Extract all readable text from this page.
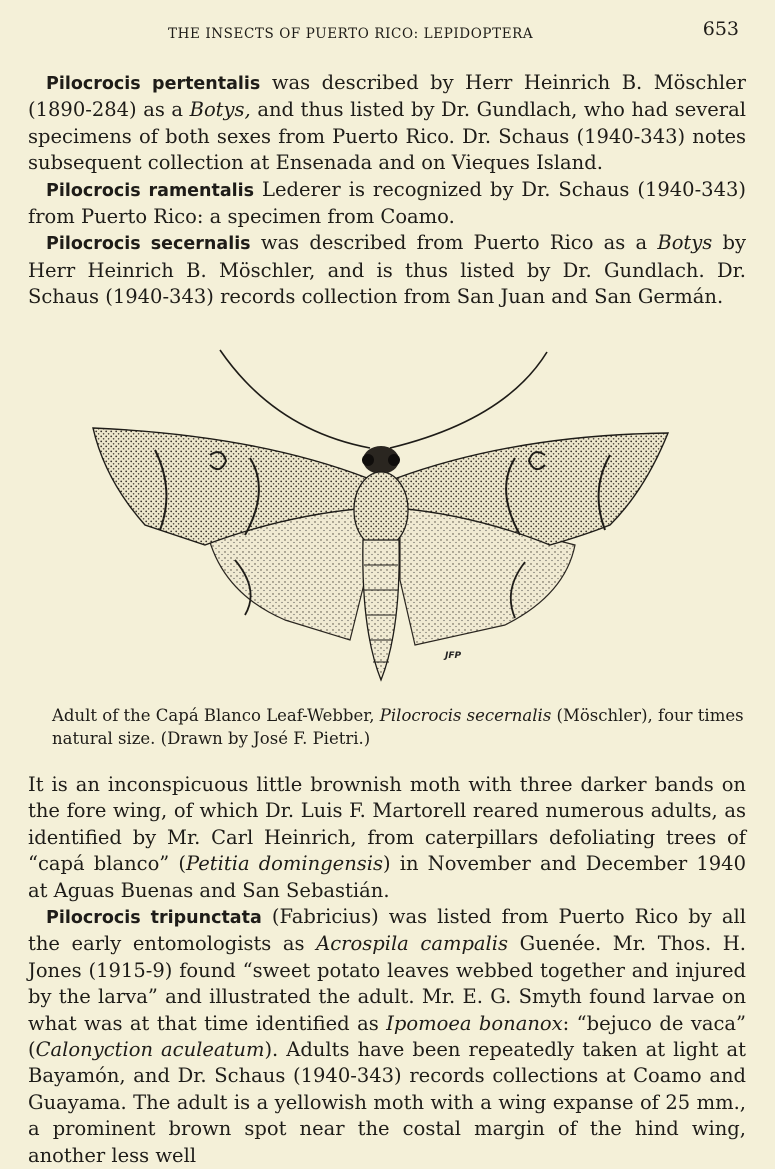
THE INSECTS OF PUERTO RICO: LEPIDOPTERA	653

Pilocrocis pertentalis was described by Herr Heinrich B. Möschler (1890-284) as a Botys, and thus listed by Dr. Gundlach, who had several specimens of both sexes from Puerto Rico. Dr. Schaus (1940-343) notes subsequent collection at Ensenada and on Vieques Island.

Pilocrocis ramentalis Lederer is recognized by Dr. Schaus (1940-343) from Puerto Rico: a specimen from Coamo.

Pilocrocis secernalis was described from Puerto Rico as a Botys by Herr Heinrich B. Möschler, and is thus listed by Dr. Gundlach. Dr. Schaus (1940-343) records collection from San Juan and San Germán.

JFP

Adult of the Capá Blanco Leaf-Webber, Pilocrocis secernalis (Möschler), four times natural size. (Drawn by José F. Pietri.)

It is an inconspicuous little brownish moth with three darker bands on the fore wing, of which Dr. Luis F. Martorell reared numerous adults, as identified by Mr. Carl Heinrich, from caterpillars defoliating trees of “capá blanco” (Petitia domingensis) in November and December 1940 at Aguas Buenas and San Sebastián.

Pilocrocis tripunctata (Fabricius) was listed from Puerto Rico by all the early entomologists as Acrospila campalis Guenée. Mr. Thos. H. Jones (1915-9) found “sweet potato leaves webbed together and injured by the larva” and illustrated the adult. Mr. E. G. Smyth found larvae on what was at that time identified as Ipomoea bonanox: “bejuco de vaca” (Calonyction aculeatum). Adults have been repeatedly taken at light at Bayamón, and Dr. Schaus (1940-343) records collections at Coamo and Guayama. The adult is a yellowish moth with a wing expanse of 25 mm., a prominent brown spot near the costal margin of the hind wing, another less well
